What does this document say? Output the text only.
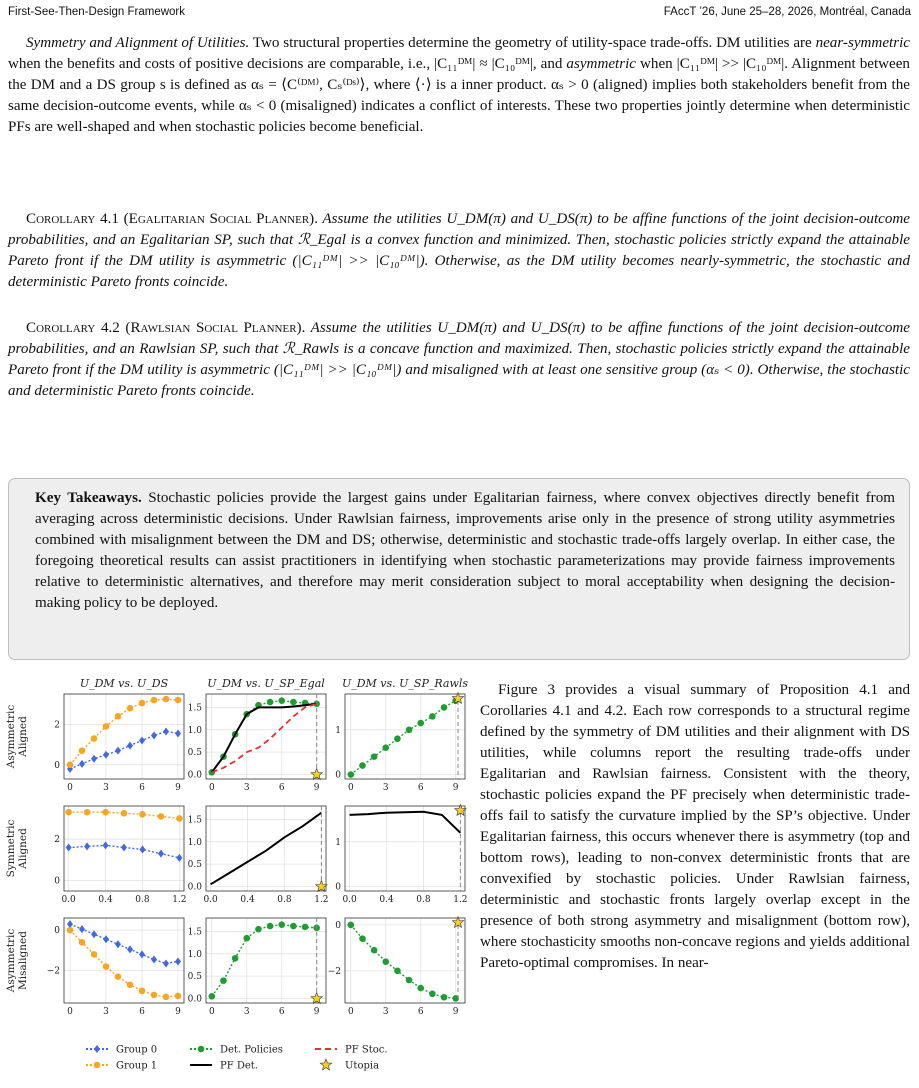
First-See-Then-Design Framework	FAccT ’26, June 25–28, 2026, Montréal, Canada

Symmetry and Alignment of Utilities. Two structural properties determine the geometry of utility-space trade-offs. DM utilities are near-symmetric when the benefits and costs of positive decisions are comparable, i.e., |C₁₁ᴰᴹ| ≈ |C₁₀ᴰᴹ|, and asymmetric when |C₁₁ᴰᴹ| >> |C₁₀ᴰᴹ|. Alignment between the DM and a DS group s is defined as αₛ = ⟨C⁽ᴰᴹ⁾, Cₛ⁽ᴰˢ⁾⟩, where ⟨·⟩ is a inner product. αₛ > 0 (aligned) implies both stakeholders benefit from the same decision-outcome events, while αₛ < 0 (misaligned) indicates a conflict of interests. These two properties jointly determine when deterministic PFs are well-shaped and when stochastic policies become beneficial.

Corollary 4.1 (Egalitarian Social Planner). Assume the utilities U_DM(π) and U_DS(π) to be affine functions of the joint decision-outcome probabilities, and an Egalitarian SP, such that ℛ_Egal is a convex function and minimized. Then, stochastic policies strictly expand the attainable Pareto front if the DM utility is asymmetric (|C₁₁ᴰᴹ| >> |C₁₀ᴰᴹ|). Otherwise, as the DM utility becomes nearly-symmetric, the stochastic and deterministic Pareto fronts coincide.

Corollary 4.2 (Rawlsian Social Planner). Assume the utilities U_DM(π) and U_DS(π) to be affine functions of the joint decision-outcome probabilities, and an Rawlsian SP, such that ℛ_Rawls is a concave function and maximized. Then, stochastic policies strictly expand the attainable Pareto front if the DM utility is asymmetric (|C₁₁ᴰᴹ| >> |C₁₀ᴰᴹ|) and misaligned with at least one sensitive group (αₛ < 0). Otherwise, the stochastic and deterministic Pareto fronts coincide.

Key Takeaways. Stochastic policies provide the largest gains under Egalitarian fairness, where convex objectives directly benefit from averaging across deterministic decisions. Under Rawlsian fairness, improvements arise only in the presence of strong utility asymmetries combined with misalignment between the DM and DS; otherwise, deterministic and stochastic trade-offs largely overlap. In either case, the foregoing theoretical results can assist practitioners in identifying when stochastic parameterizations may provide fairness improvements relative to deterministic alternatives, and therefore may merit consideration subject to moral acceptability when designing the decision-making policy to be deployed.
U_DM vs. U_DS	U_DM vs. U_SP_Egal U_DM vs. U_SP_Rawls
Asymmetric Aligned
Symmetric Aligned
Asymmetric Misaligned
0	3	6	9
0
2
0	3	6	9
0.0
0.5
1.0
1.5
0	3	6	9
0
1
0.0	0.4	0.8	1.2
0
2
0.0	0.4	0.8	1.2
0.0
0.5
1.0
1.5
0.0	0.4	0.8	1.2
0
1
0	3	6	9
−2
0
0	3	6	9
0.0
0.5
1.0
1.5
0	3	6	9
−2
0
Group 0
Group 1
Det. Policies
PF Det.
PF Stoc.
Utopia

Figure 3 provides a visual summary of Proposition 4.1 and Corollaries 4.1 and 4.2. Each row corresponds to a structural regime defined by the symmetry of DM utilities and their alignment with DS utilities, while columns report the resulting trade-offs under Egalitarian and Rawlsian fairness. Consistent with the theory, stochastic policies expand the PF precisely when deterministic trade-offs fail to satisfy the curvature implied by the SP’s objective. Under Egalitarian fairness, this occurs whenever there is asymmetry (top and bottom rows), leading to non-convex deterministic fronts that are convexified by stochastic policies. Under Rawlsian fairness, deterministic and stochastic fronts largely overlap except in the presence of both strong asymmetry and misalignment (bottom row), where stochasticity smooths non-concave regions and yields additional Pareto-optimal compromises. In near-
